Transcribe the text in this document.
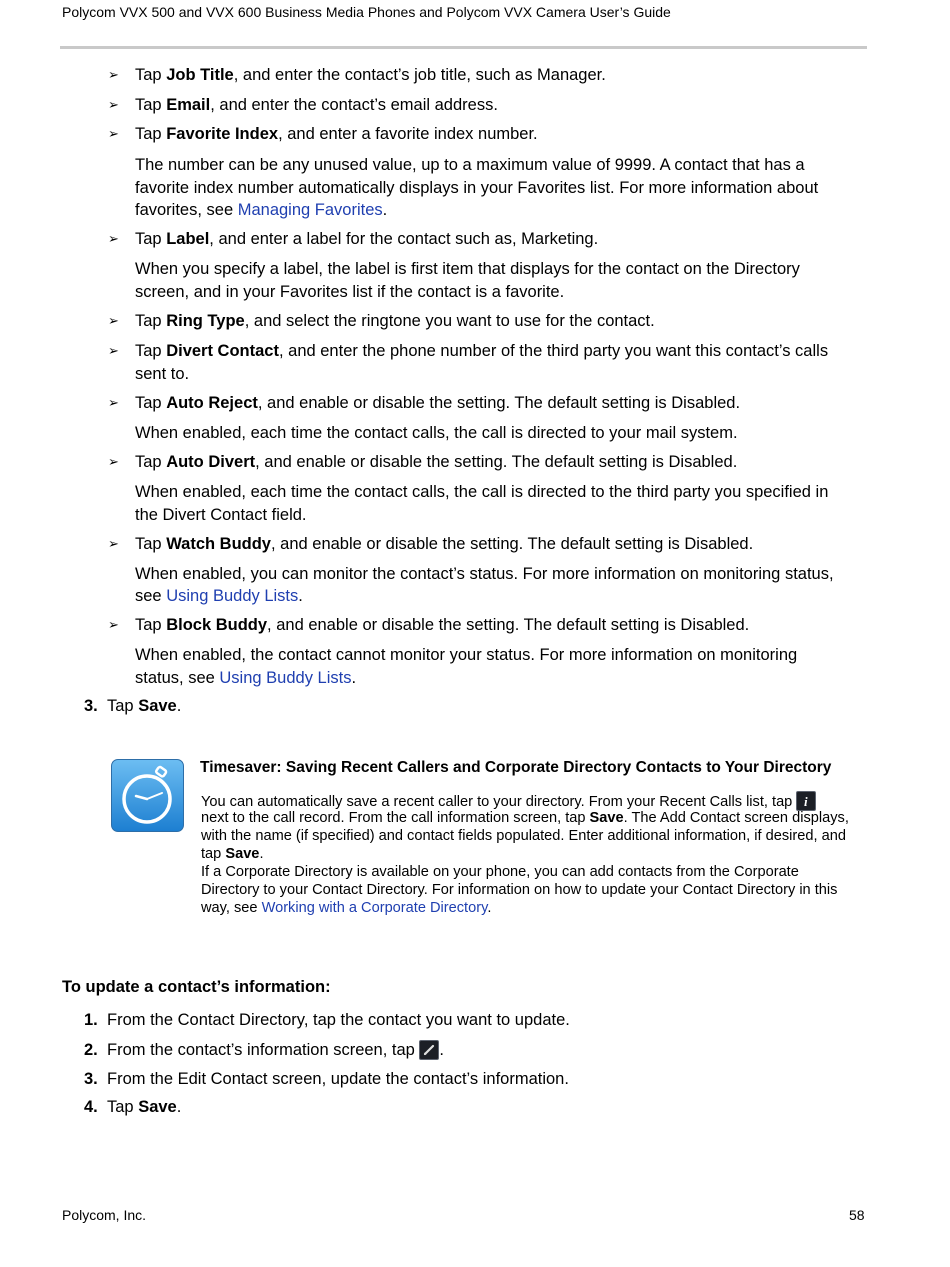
Polycom VVX 500 and VVX 600 Business Media Phones and Polycom VVX Camera User’s Guide
➢ Tap Job Title, and enter the contact’s job title, such as Manager.
➢ Tap Email, and enter the contact’s email address.
➢ Tap Favorite Index, and enter a favorite index number.
The number can be any unused value, up to a maximum value of 9999. A contact that has a
favorite index number automatically displays in your Favorites list. For more information about
favorites, see Managing Favorites.
➢ Tap Label, and enter a label for the contact such as, Marketing.
When you specify a label, the label is first item that displays for the contact on the Directory
screen, and in your Favorites list if the contact is a favorite.
➢ Tap Ring Type, and select the ringtone you want to use for the contact.
➢ Tap Divert Contact, and enter the phone number of the third party you want this contact’s calls
sent to.
➢ Tap Auto Reject, and enable or disable the setting. The default setting is Disabled.
When enabled, each time the contact calls, the call is directed to your mail system.
➢ Tap Auto Divert, and enable or disable the setting. The default setting is Disabled.
When enabled, each time the contact calls, the call is directed to the third party you specified in
the Divert Contact field.
➢ Tap Watch Buddy, and enable or disable the setting. The default setting is Disabled.
When enabled, you can monitor the contact’s status. For more information on monitoring status,
see Using Buddy Lists.
➢ Tap Block Buddy, and enable or disable the setting. The default setting is Disabled.
When enabled, the contact cannot monitor your status. For more information on monitoring
status, see Using Buddy Lists.
3. Tap Save.
Timesaver: Saving Recent Callers and Corporate Directory Contacts to Your Directory
You can automatically save a recent caller to your directory. From your Recent Calls list, tap i
next to the call record. From the call information screen, tap Save. The Add Contact screen displays,
with the name (if specified) and contact fields populated. Enter additional information, if desired, and
tap Save.
If a Corporate Directory is available on your phone, you can add contacts from the Corporate
Directory to your Contact Directory. For information on how to update your Contact Directory in this
way, see Working with a Corporate Directory.
To update a contact’s information:
1. From the Contact Directory, tap the contact you want to update.
2. From the contact’s information screen, tap .
3. From the Edit Contact screen, update the contact’s information.
4. Tap Save.
Polycom, Inc.	58
